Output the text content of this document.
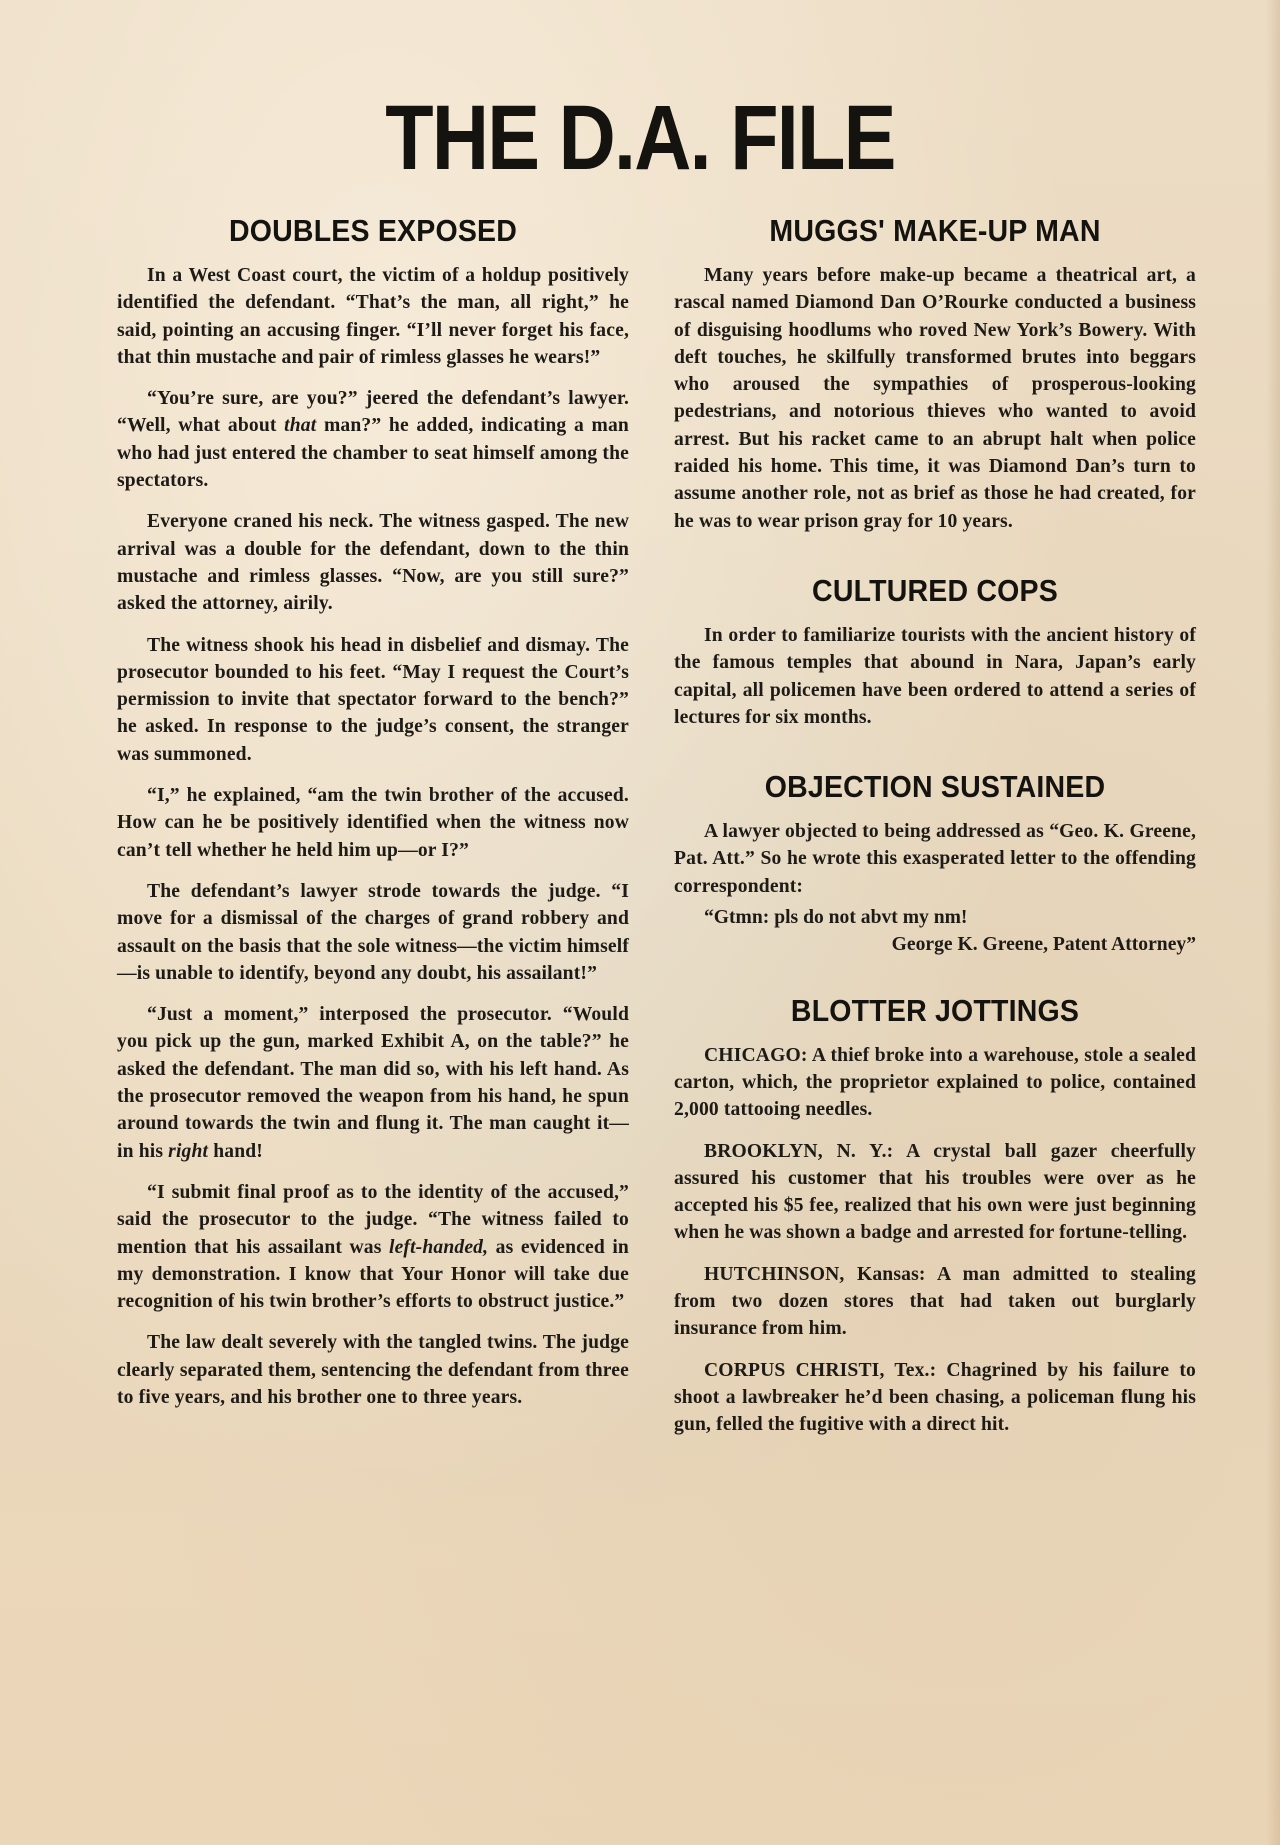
THE D.A. FILE
DOUBLES EXPOSED

In a West Coast court, the victim of a holdup positively identified the defendant. “That’s the man, all right,” he said, pointing an accusing finger. “I’ll never forget his face, that thin mustache and pair of rimless glasses he wears!”

“You’re sure, are you?” jeered the defendant’s lawyer. “Well, what about that man?” he added, indicating a man who had just entered the chamber to seat himself among the spectators.

Everyone craned his neck. The witness gasped. The new arrival was a double for the defendant, down to the thin mustache and rimless glasses. “Now, are you still sure?” asked the attorney, airily.

The witness shook his head in disbelief and dismay. The prosecutor bounded to his feet. “May I request the Court’s permission to invite that spectator forward to the bench?” he asked. In response to the judge’s consent, the stranger was summoned.

“I,” he explained, “am the twin brother of the accused. How can he be positively identified when the witness now can’t tell whether he held him up—or I?”

The defendant’s lawyer strode towards the judge. “I move for a dismissal of the charges of grand robbery and assault on the basis that the sole witness—the victim himself—is unable to identify, beyond any doubt, his assailant!”

“Just a moment,” interposed the prosecutor. “Would you pick up the gun, marked Exhibit A, on the table?” he asked the defendant. The man did so, with his left hand. As the prosecutor removed the weapon from his hand, he spun around towards the twin and flung it. The man caught it—in his right hand!

“I submit final proof as to the identity of the accused,” said the prosecutor to the judge. “The witness failed to mention that his assailant was left-handed, as evidenced in my demonstration. I know that Your Honor will take due recognition of his twin brother’s efforts to obstruct justice.”

The law dealt severely with the tangled twins. The judge clearly separated them, sentencing the defendant from three to five years, and his brother one to three years.

MUGGS' MAKE-UP MAN

Many years before make-up became a theatrical art, a rascal named Diamond Dan O’Rourke conducted a business of disguising hoodlums who roved New York’s Bowery. With deft touches, he skilfully transformed brutes into beggars who aroused the sympathies of prosperous-looking pedestrians, and notorious thieves who wanted to avoid arrest. But his racket came to an abrupt halt when police raided his home. This time, it was Diamond Dan’s turn to assume another role, not as brief as those he had created, for he was to wear prison gray for 10 years.

CULTURED COPS

In order to familiarize tourists with the ancient history of the famous temples that abound in Nara, Japan’s early capital, all policemen have been ordered to attend a series of lectures for six months.

OBJECTION SUSTAINED

A lawyer objected to being addressed as “Geo. K. Greene, Pat. Att.” So he wrote this exasperated letter to the offending correspondent:

“Gtmn: pls do not abvt my nm!

George K. Greene, Patent Attorney”

BLOTTER JOTTINGS

CHICAGO: A thief broke into a warehouse, stole a sealed carton, which, the proprietor explained to police, contained 2,000 tattooing needles.

BROOKLYN, N. Y.: A crystal ball gazer cheerfully assured his customer that his troubles were over as he accepted his $5 fee, realized that his own were just beginning when he was shown a badge and arrested for fortune-telling.

HUTCHINSON, Kansas: A man admitted to stealing from two dozen stores that had taken out burglarly insurance from him.

CORPUS CHRISTI, Tex.: Chagrined by his failure to shoot a lawbreaker he’d been chasing, a policeman flung his gun, felled the fugitive with a direct hit.
